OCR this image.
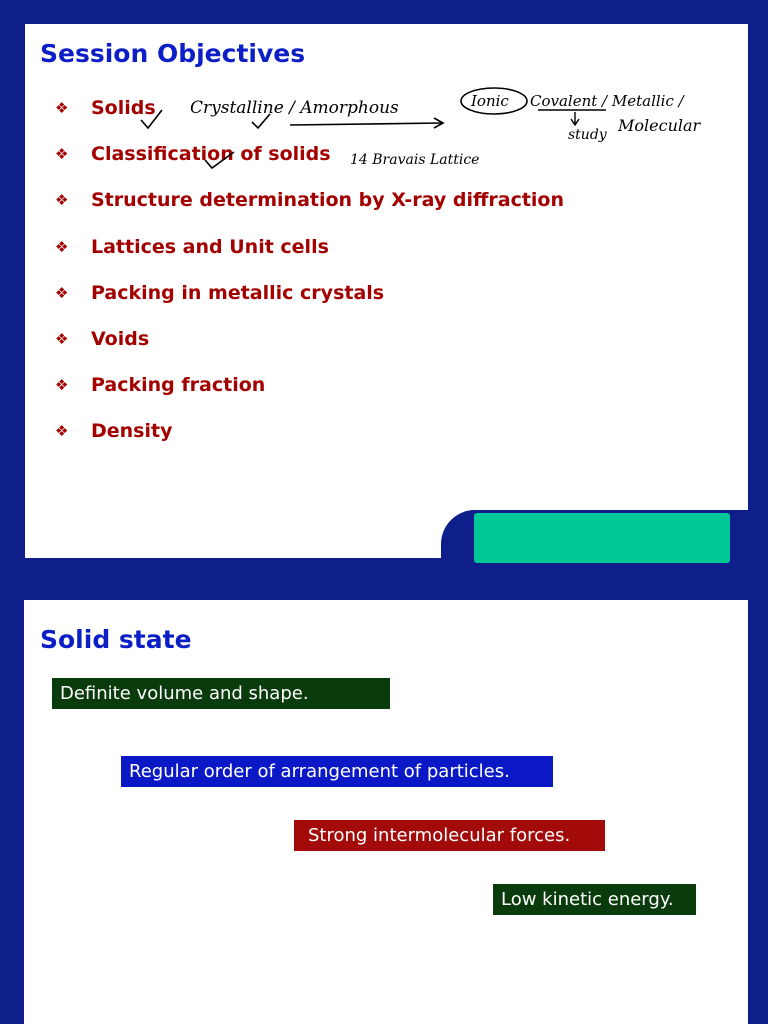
Session Objectives
❖	Solids
❖	Classification of solids
❖	Structure determination by X-ray diffraction
❖	Lattices and Unit cells
❖	Packing in metallic crystals
❖	Voids
❖	Packing fraction
❖	Density
Crystalline / Amorphous	Ionic Covalent / Metallic /
study Molecular
14 Bravais Lattice
Solid state
Definite volume and shape.
Regular order of arrangement of particles.
Strong intermolecular forces.
Low kinetic energy.
